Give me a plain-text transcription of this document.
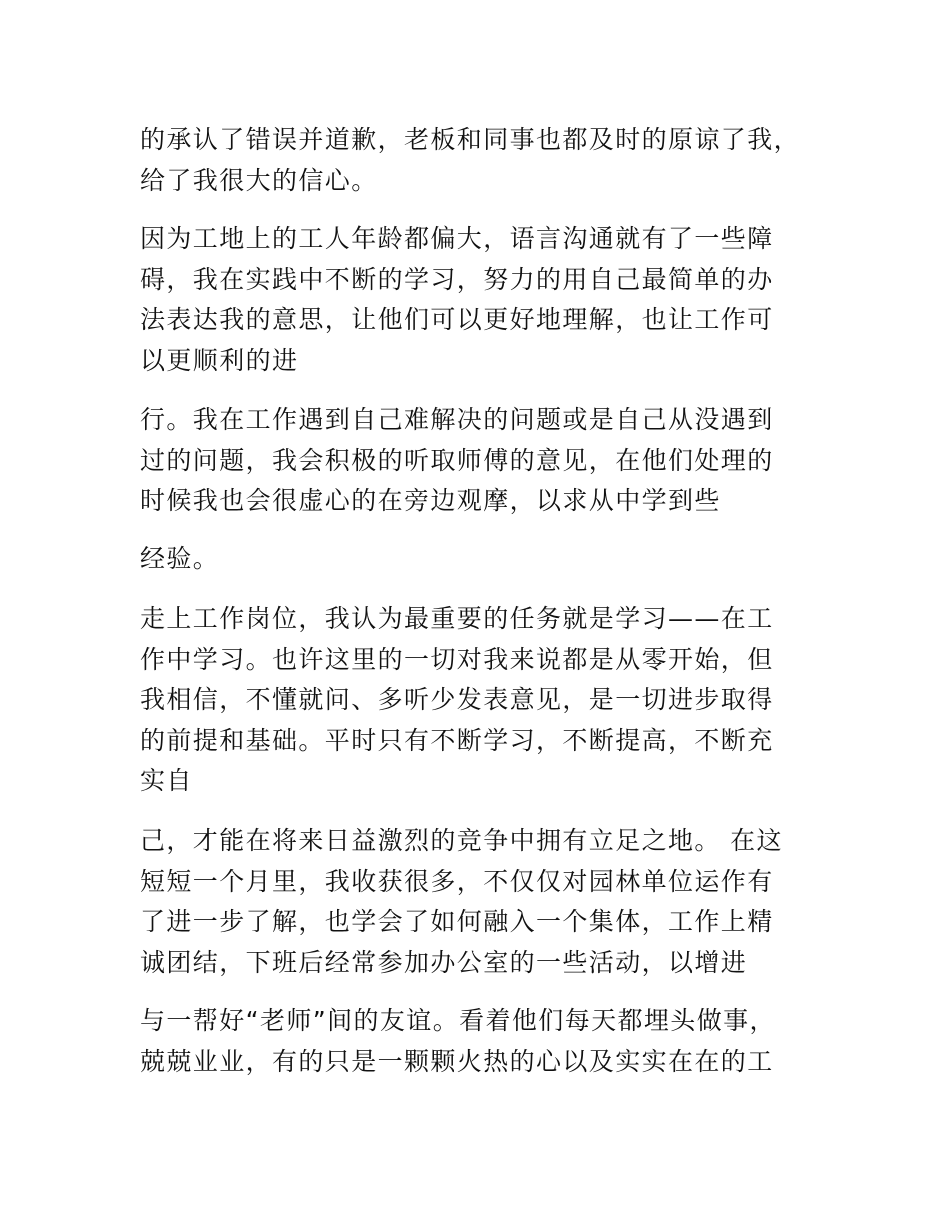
的承认了错误并道歉，老板和同事也都及时的原谅了我，
给了我很大的信心。
因为工地上的工人年龄都偏大，语言沟通就有了一些障
碍，我在实践中不断的学习，努力的用自己最简单的办
法表达我的意思，让他们可以更好地理解，也让工作可
以更顺利的进
行。我在工作遇到自己难解决的问题或是自己从没遇到
过的问题，我会积极的听取师傅的意见，在他们处理的
时候我也会很虚心的在旁边观摩，以求从中学到些
经验。
走上工作岗位，我认为最重要的任务就是学习——在工
作中学习。也许这里的一切对我来说都是从零开始，但
我相信，不懂就问、多听少发表意见，是一切进步取得
的前提和基础。平时只有不断学习，不断提高，不断充
实自
己，才能在将来日益激烈的竞争中拥有立足之地。 在这
短短一个月里，我收获很多，不仅仅对园林单位运作有
了进一步了解，也学会了如何融入一个集体，工作上精
诚团结，下班后经常参加办公室的一些活动，以增进
与一帮好“老师”间的友谊。看着他们每天都埋头做事，
兢兢业业，有的只是一颗颗火热的心以及实实在在的工
